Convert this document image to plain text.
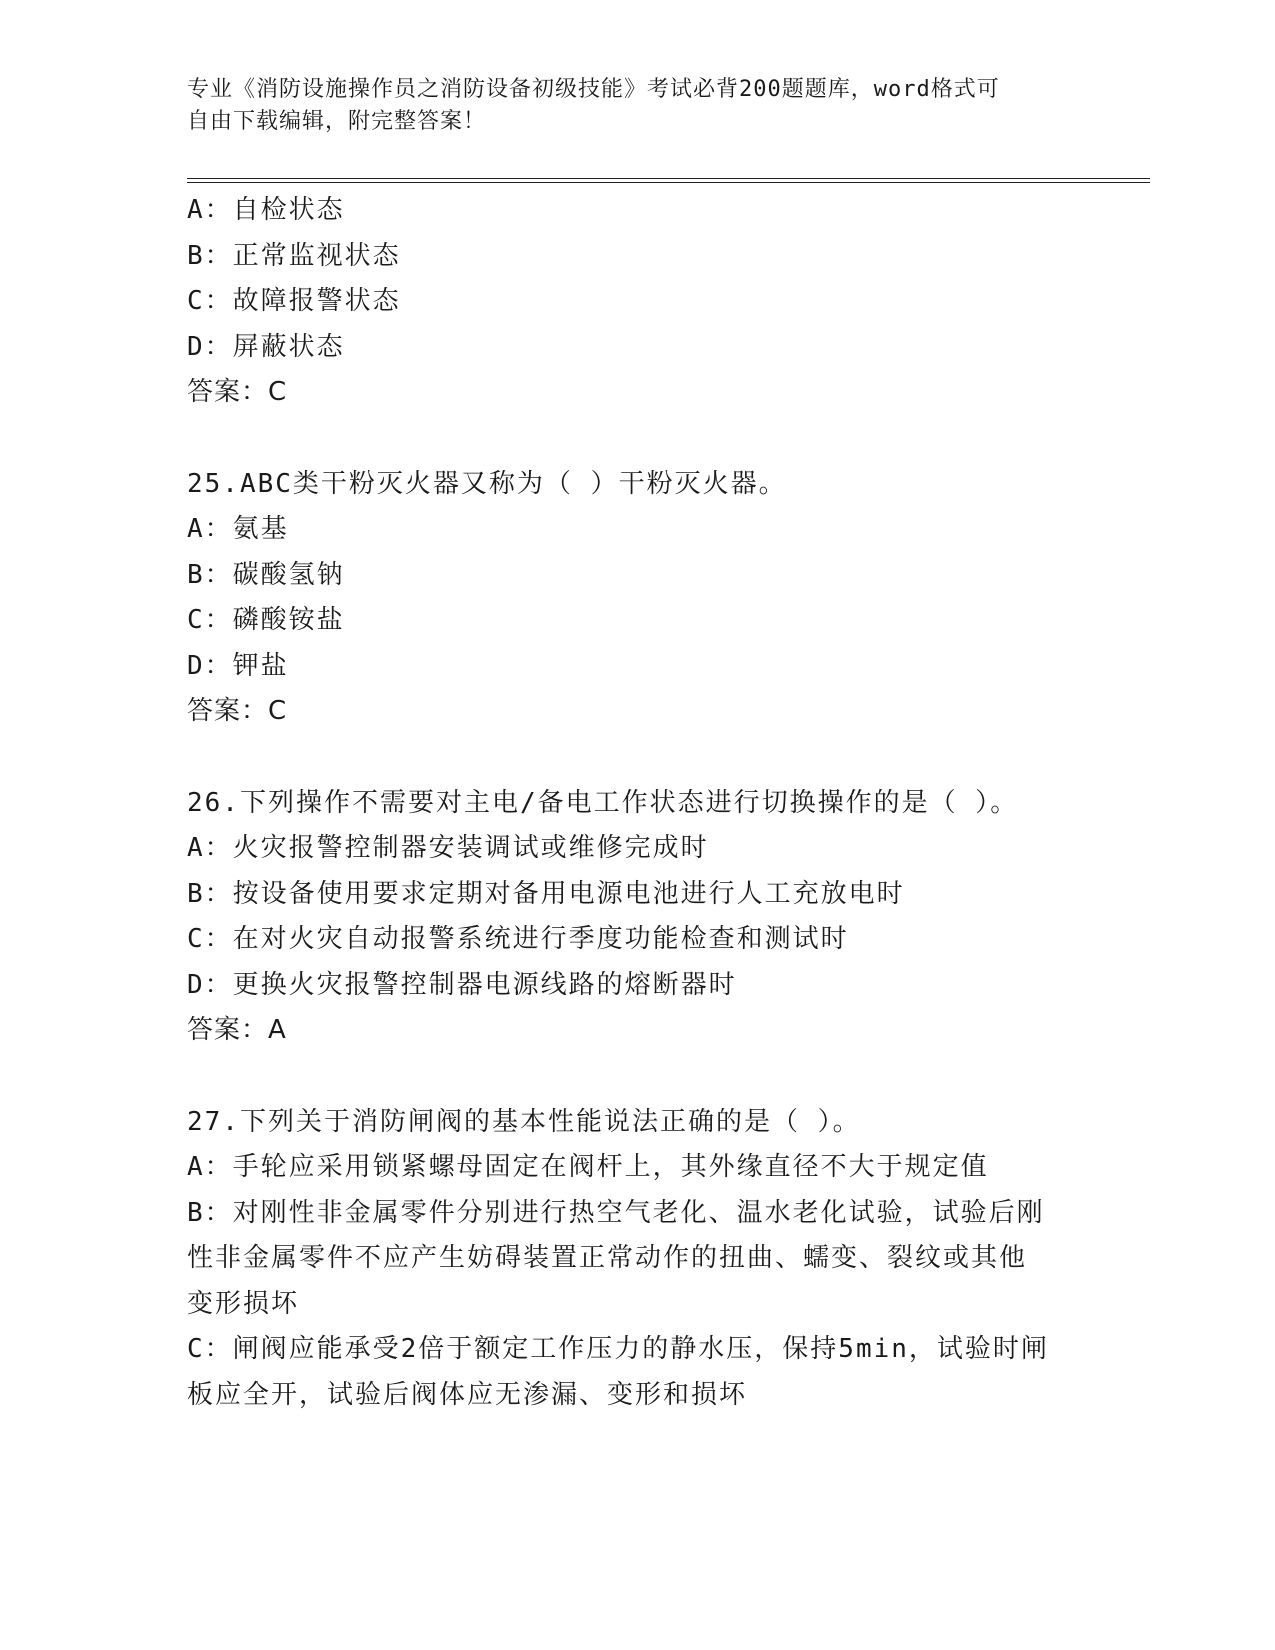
专业《消防设施操作员之消防设备初级技能》考试必背200题题库，word格式可
自由下载编辑，附完整答案！
A：自检状态
B：正常监视状态
C：故障报警状态
D：屏蔽状态
答案：C
25.ABC类干粉灭火器又称为（ ）干粉灭火器。
A：氨基
B：碳酸氢钠
C：磷酸铵盐
D：钾盐
答案：C
26.下列操作不需要对主电/备电工作状态进行切换操作的是（ ）。
A：火灾报警控制器安装调试或维修完成时
B：按设备使用要求定期对备用电源电池进行人工充放电时
C：在对火灾自动报警系统进行季度功能检查和测试时
D：更换火灾报警控制器电源线路的熔断器时
答案：A
27.下列关于消防闸阀的基本性能说法正确的是（ ）。
A：手轮应采用锁紧螺母固定在阀杆上，其外缘直径不大于规定值
B：对刚性非金属零件分别进行热空气老化、温水老化试验，试验后刚
性非金属零件不应产生妨碍装置正常动作的扭曲、蠕变、裂纹或其他
变形损坏
C：闸阀应能承受2倍于额定工作压力的静水压，保持5min，试验时闸
板应全开，试验后阀体应无渗漏、变形和损坏
